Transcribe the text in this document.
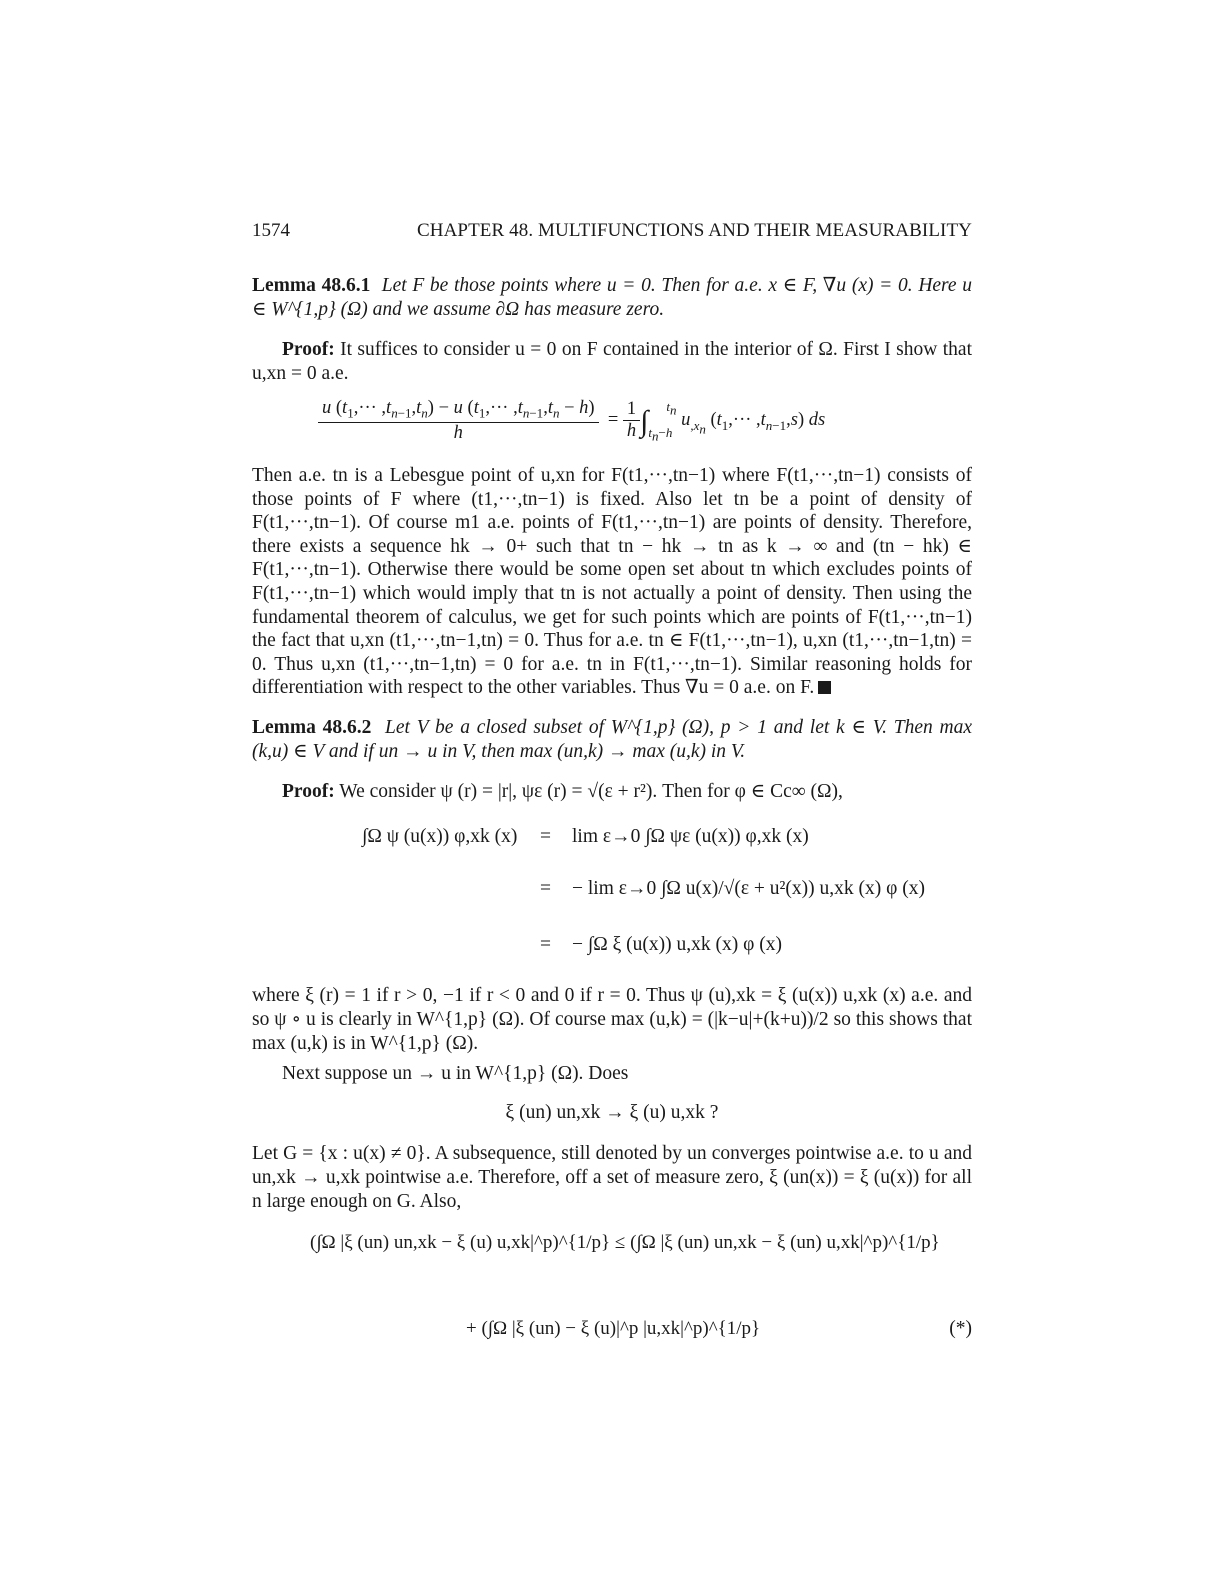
1574	CHAPTER 48. MULTIFUNCTIONS AND THEIR MEASURABILITY
Lemma 48.6.1 Let F be those points where u = 0. Then for a.e. x ∈ F, ∇u (x) = 0. Here u ∈ W^{1,p} (Ω) and we assume ∂Ω has measure zero.
Proof: It suffices to consider u = 0 on F contained in the interior of Ω. First I show that u,xn = 0 a.e.
$\frac{u (t_1,\cdot\cdot\cdot ,t_{n-1},t_n) - u (t_1,\cdot\cdot\cdot ,t_{n-1},t_n - h)}{h} = \frac{1}{h} \int_{t_n-h}^{t_n}$ $u_{,x_n}$ $(t_1,\cdot\cdot\cdot ,t_{n-1},s)$ ds
Then a.e. tn is a Lebesgue point of u,xn for F(t1,···,tn−1) where F(t1,···,tn−1) consists of those points of F where (t1,···,tn−1) is fixed. Also let tn be a point of density of F(t1,···,tn−1). Of course m1 a.e. points of F(t1,···,tn−1) are points of density. Therefore, there exists a sequence hk → 0+ such that tn − hk → tn as k → ∞ and (tn − hk) ∈ F(t1,···,tn−1). Otherwise there would be some open set about tn which excludes points of F(t1,···,tn−1) which would imply that tn is not actually a point of density. Then using the fundamental theorem of calculus, we get for such points which are points of F(t1,···,tn−1) the fact that u,xn (t1,···,tn−1,tn) = 0. Thus for a.e. tn ∈ F(t1,···,tn−1), u,xn (t1,···,tn−1,tn) = 0. Thus u,xn (t1,···,tn−1,tn) = 0 for a.e. tn in F(t1,···,tn−1). Similar reasoning holds for differentiation with respect to the other variables. Thus ∇u = 0 a.e. on F.
Lemma 48.6.2 Let V be a closed subset of W^{1,p} (Ω), p > 1 and let k ∈ V. Then max (k,u) ∈ V and if un → u in V, then max (un,k) → max (u,k) in V.
Proof: We consider ψ (r) = |r|, ψε (r) = √(ε + r²). Then for φ ∈ Cc∞ (Ω),
∫Ω ψ (u(x)) φ,xk (x) = lim ε→0 ∫Ω ψε (u(x)) φ,xk (x)
= − lim ε→0 ∫Ω u(x)/√(ε + u²(x)) u,xk (x) φ (x)
= − ∫Ω ξ (u(x)) u,xk (x) φ (x)
where ξ (r) = 1 if r > 0, −1 if r < 0 and 0 if r = 0. Thus ψ (u),xk = ξ (u(x)) u,xk (x) a.e. and so ψ ∘ u is clearly in W^{1,p} (Ω). Of course max (u,k) = (|k−u|+(k+u))/2 so this shows that max (u,k) is in W^{1,p} (Ω).
Next suppose un → u in W^{1,p} (Ω). Does
ξ (un) un,xk → ξ (u) u,xk ?
Let G = {x : u(x) ≠ 0}. A subsequence, still denoted by un converges pointwise a.e. to u and un,xk → u,xk pointwise a.e. Therefore, off a set of measure zero, ξ (un(x)) = ξ (u(x)) for all n large enough on G. Also,
(∫Ω |ξ (un) un,xk − ξ (u) u,xk|^p)^{1/p} ≤ (∫Ω |ξ (un) un,xk − ξ (un) u,xk|^p)^{1/p}
+ (∫Ω |ξ (un) − ξ (u)|^p |u,xk|^p)^{1/p}	(*)
